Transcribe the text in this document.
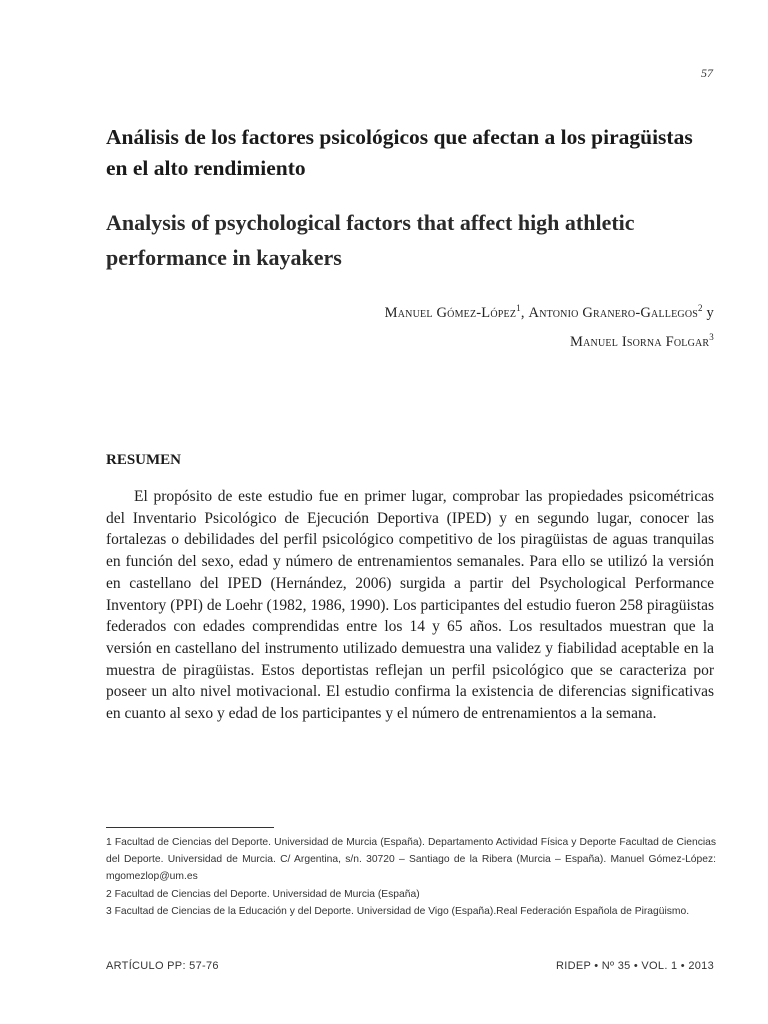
57
Análisis de los factores psicológicos que afectan a los piragüistas en el alto rendimiento
Analysis of psychological factors that affect high athletic performance in kayakers
Manuel Gómez-López$^1$, Antonio Granero-Gallegos$^2$ y
Manuel Isorna Folgar$^3$
RESUMEN

El propósito de este estudio fue en primer lugar, comprobar las propiedades psicométricas del Inventario Psicológico de Ejecución Deportiva (IPED) y en segundo lugar, conocer las fortalezas o debilidades del perfil psicológico competitivo de los piragüistas de aguas tranquilas en función del sexo, edad y número de entrenamientos semanales. Para ello se utilizó la versión en castellano del IPED (Hernández, 2006) surgida a partir del Psychological Performance Inventory (PPI) de Loehr (1982, 1986, 1990). Los participantes del estudio fueron 258 piragüistas federados con edades comprendidas entre los 14 y 65 años. Los resultados muestran que la versión en castellano del instrumento utilizado demuestra una validez y fiabilidad aceptable en la muestra de piragüistas. Estos deportistas reflejan un perfil psicológico que se caracteriza por poseer un alto nivel motivacional. El estudio confirma la existencia de diferencias significativas en cuanto al sexo y edad de los participantes y el número de entrenamientos a la semana.

1 Facultad de Ciencias del Deporte. Universidad de Murcia (España). Departamento Actividad Física y Deporte Facultad de Ciencias del Deporte. Universidad de Murcia. C/ Argentina, s/n. 30720 – Santiago de la Ribera (Murcia – España). Manuel Gómez-López: mgomezlop@um.es

2 Facultad de Ciencias del Deporte. Universidad de Murcia (España)

3 Facultad de Ciencias de la Educación y del Deporte. Universidad de Vigo (España).Real Federación Española de Piragüismo.

ARTÍCULO PP: 57-76	RIDEP • Nº 35 • VOL. 1 • 2013
